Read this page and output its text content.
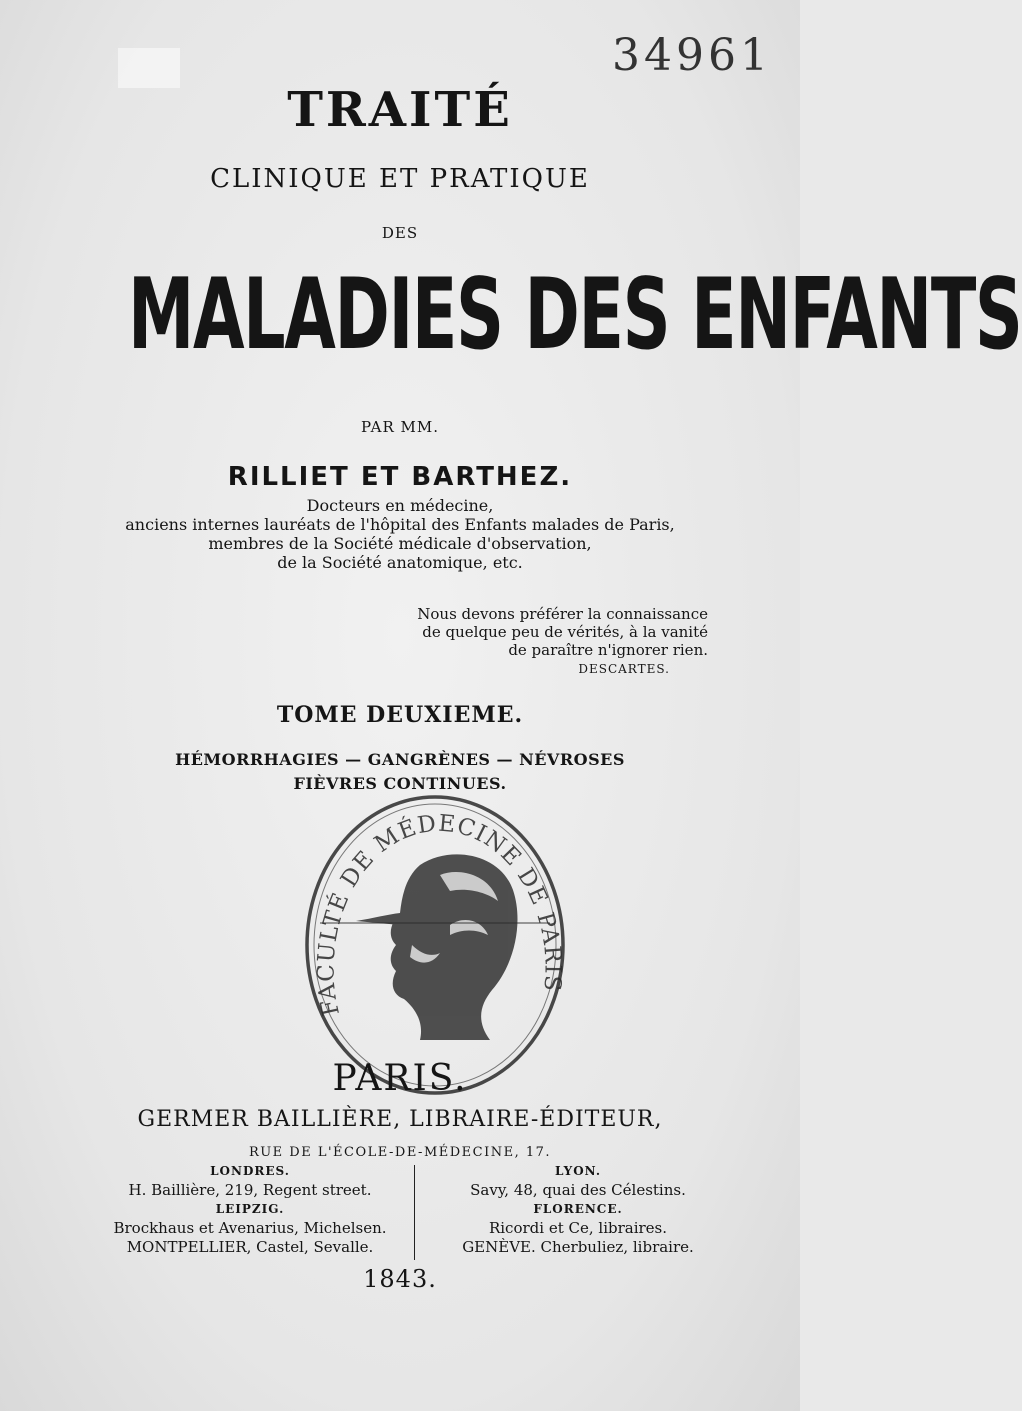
34961
TRAITÉ
CLINIQUE ET PRATIQUE
DES
MALADIES DES ENFANTS
PAR MM.
RILLIET ET BARTHEZ.
Docteurs en médecine,
anciens internes lauréats de l'hôpital des Enfants malades de Paris,
membres de la Société médicale d'observation,
de la Société anatomique, etc.
Nous devons préférer la connaissance
de quelque peu de vérités, à la vanité
de paraître n'ignorer rien.
DESCARTES.
TOME DEUXIEME.
HÉMORRHAGIES — GANGRÈNES — NÉVROSES
FIÈVRES CONTINUES.
FACULTÉ DE MÉDECINE DE PARIS
PARIS.
GERMER BAILLIÈRE, LIBRAIRE-ÉDITEUR,
RUE DE L'ÉCOLE-DE-MÉDECINE, 17.
LONDRES.
H. Baillière, 219, Regent street.
LEIPZIG.
Brockhaus et Avenarius, Michelsen.
MONTPELLIER, Castel, Sevalle.
LYON.
Savy, 48, quai des Célestins.
FLORENCE.
Ricordi et Ce, libraires.
GENÈVE. Cherbuliez, libraire.
1843.
